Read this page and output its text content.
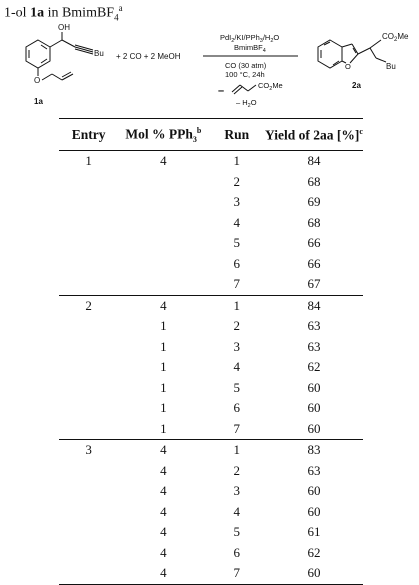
1-ol 1a in BmimBF$_4^a$
OH
Bu
O
1a
+ 2 CO + 2 MeOH
$PdI_2/KI/PPh_3/H_2O$
BmimBF$_4$
CO (30 atm)
100 °C, 24h
–	$CO_2Me$
– $H_2O$
$CO_2Me$
Bu
O
2a
Entry	Mol % PPh$_3^b$	Run	Yield of 2aa [%]$^c$
1	4	1	84
		2	68
		3	69
		4	68
		5	66
		6	66
		7	67
2	4	1	84
	1	2	63
	1	3	63
	1	4	62
	1	5	60
	1	6	60
	1	7	60
3	4	1	83
	4	2	63
	4	3	60
	4	4	60
	4	5	61
	4	6	62
	4	7	60
